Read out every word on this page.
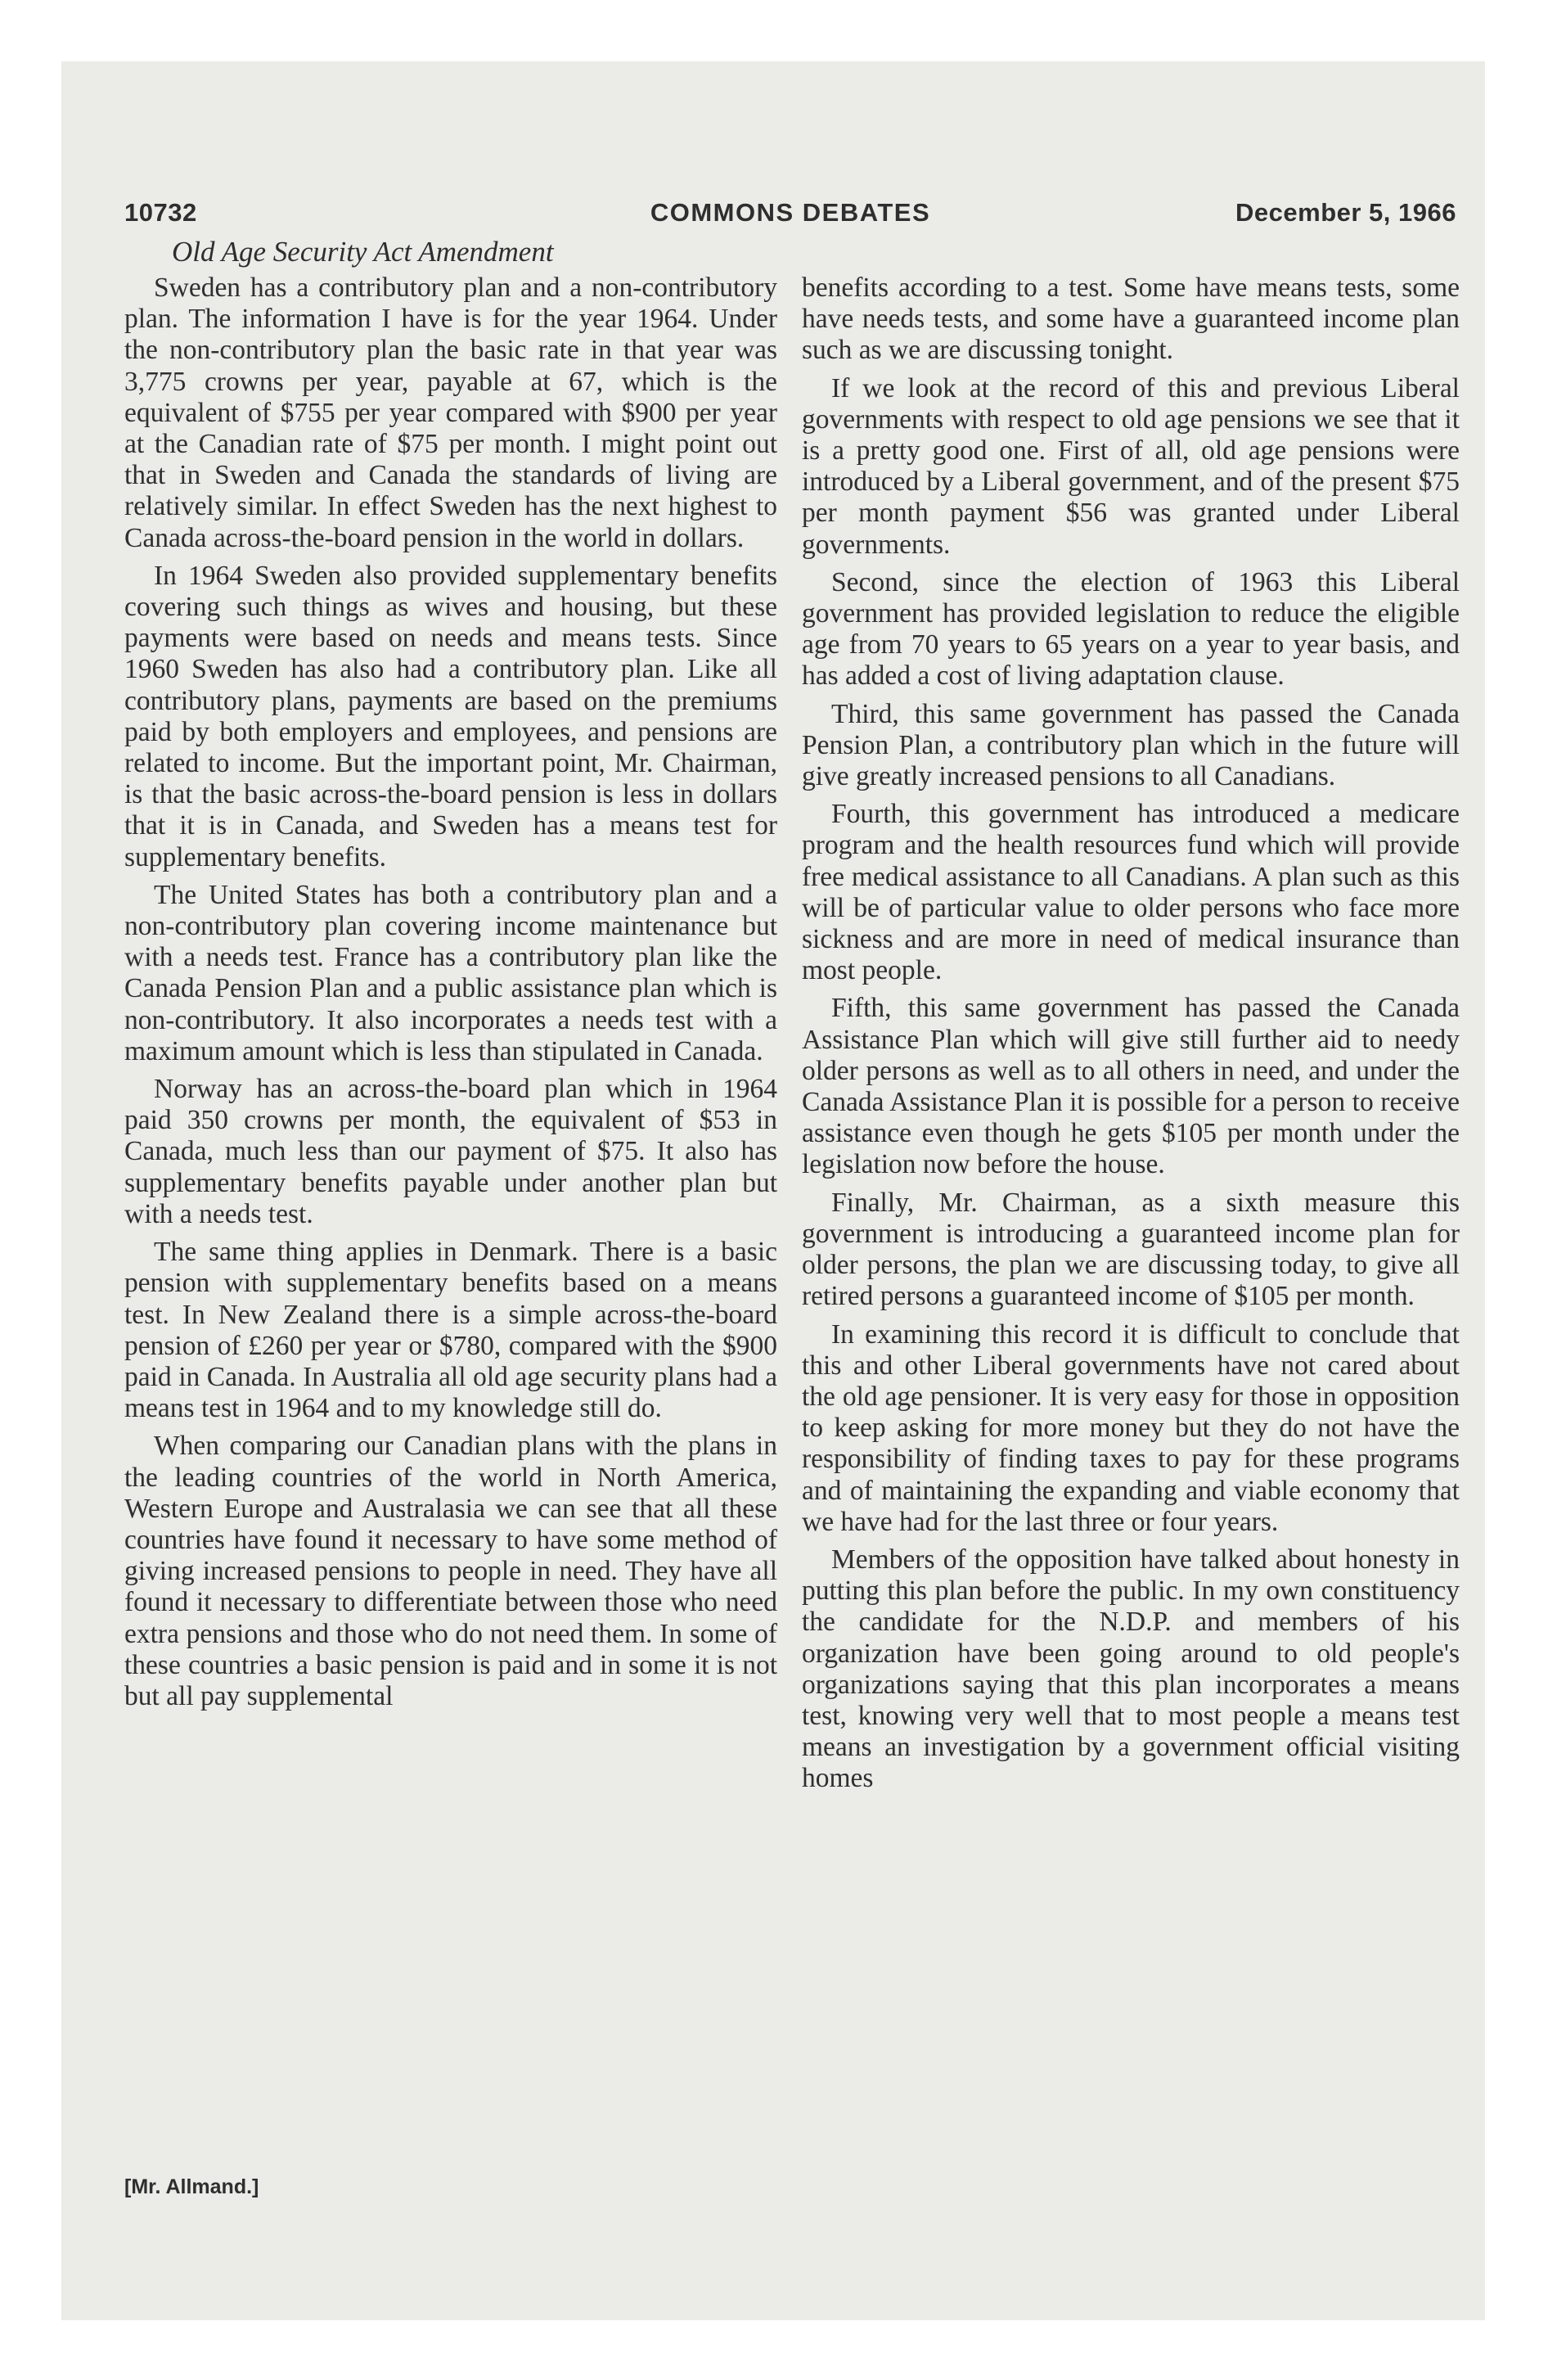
10732	COMMONS DEBATES	December 5, 1966
Old Age Security Act Amendment

Sweden has a contributory plan and a non-contributory plan. The information I have is for the year 1964. Under the non-contributory plan the basic rate in that year was 3,775 crowns per year, payable at 67, which is the equivalent of $755 per year compared with $900 per year at the Canadian rate of $75 per month. I might point out that in Sweden and Canada the standards of living are relatively similar. In effect Sweden has the next highest to Canada across-the-board pension in the world in dollars.

In 1964 Sweden also provided supplementary benefits covering such things as wives and housing, but these payments were based on needs and means tests. Since 1960 Sweden has also had a contributory plan. Like all contributory plans, payments are based on the premiums paid by both employers and employees, and pensions are related to income. But the important point, Mr. Chairman, is that the basic across-the-board pension is less in dollars that it is in Canada, and Sweden has a means test for supplementary benefits.

The United States has both a contributory plan and a non-contributory plan covering income maintenance but with a needs test. France has a contributory plan like the Canada Pension Plan and a public assistance plan which is non-contributory. It also incorporates a needs test with a maximum amount which is less than stipulated in Canada.

Norway has an across-the-board plan which in 1964 paid 350 crowns per month, the equivalent of $53 in Canada, much less than our payment of $75. It also has supplementary benefits payable under another plan but with a needs test.

The same thing applies in Denmark. There is a basic pension with supplementary benefits based on a means test. In New Zealand there is a simple across-the-board pension of £260 per year or $780, compared with the $900 paid in Canada. In Australia all old age security plans had a means test in 1964 and to my knowledge still do.

When comparing our Canadian plans with the plans in the leading countries of the world in North America, Western Europe and Australasia we can see that all these countries have found it necessary to have some method of giving increased pensions to people in need. They have all found it necessary to differentiate between those who need extra pensions and those who do not need them. In some of these countries a basic pension is paid and in some it is not but all pay supplemental

[Mr. Allmand.]

benefits according to a test. Some have means tests, some have needs tests, and some have a guaranteed income plan such as we are discussing tonight.

If we look at the record of this and previous Liberal governments with respect to old age pensions we see that it is a pretty good one. First of all, old age pensions were introduced by a Liberal government, and of the present $75 per month payment $56 was granted under Liberal governments.

Second, since the election of 1963 this Liberal government has provided legislation to reduce the eligible age from 70 years to 65 years on a year to year basis, and has added a cost of living adaptation clause.

Third, this same government has passed the Canada Pension Plan, a contributory plan which in the future will give greatly increased pensions to all Canadians.

Fourth, this government has introduced a medicare program and the health resources fund which will provide free medical assistance to all Canadians. A plan such as this will be of particular value to older persons who face more sickness and are more in need of medical insurance than most people.

Fifth, this same government has passed the Canada Assistance Plan which will give still further aid to needy older persons as well as to all others in need, and under the Canada Assistance Plan it is possible for a person to receive assistance even though he gets $105 per month under the legislation now before the house.

Finally, Mr. Chairman, as a sixth measure this government is introducing a guaranteed income plan for older persons, the plan we are discussing today, to give all retired persons a guaranteed income of $105 per month.

In examining this record it is difficult to conclude that this and other Liberal governments have not cared about the old age pensioner. It is very easy for those in opposition to keep asking for more money but they do not have the responsibility of finding taxes to pay for these programs and of maintaining the expanding and viable economy that we have had for the last three or four years.

Members of the opposition have talked about honesty in putting this plan before the public. In my own constituency the candidate for the N.D.P. and members of his organization have been going around to old people's organizations saying that this plan incorporates a means test, knowing very well that to most people a means test means an investigation by a government official visiting homes
